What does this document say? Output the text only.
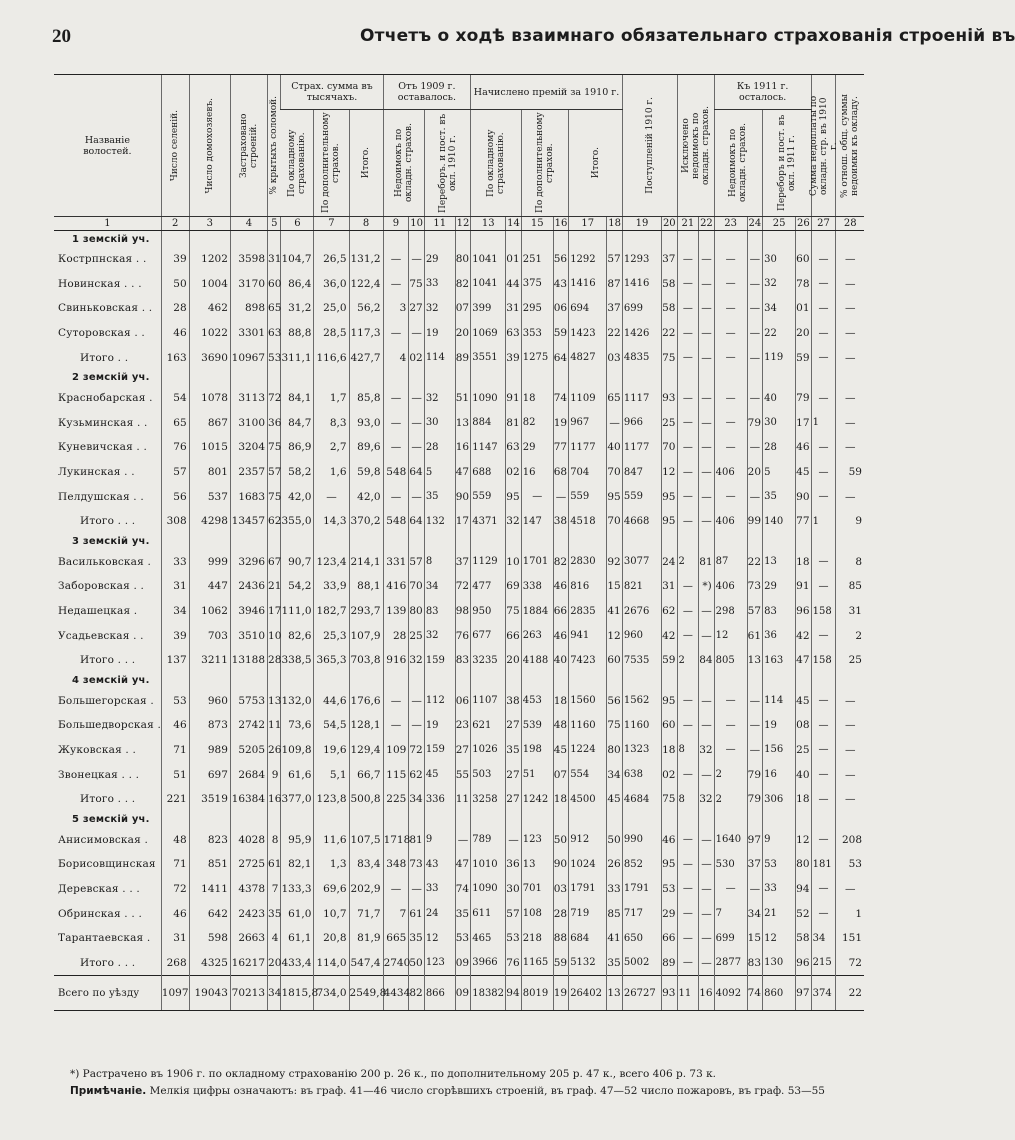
20	Отчетъ о ходѣ взаимнаго обязательнаго страхованія строеній въ
Названіе волостей.	Число селеній.	Число домохозяевъ.	Застраховано строеній.	% крытыхъ соломой.	Страх. сумма въ тысячахъ.			Отъ 1909 г. оставалось.				Начислено премій за 1910 г.						Поступленій 1910 г.		Исключено недоимокъ по окладн. страхов.		Къ 1911 г. осталось.				Сумма недоплаты по окладн. стр. въ 1910 г.	% отнош. общ. суммы недоимки къ окладу.

					По окладному страхованію.	По дополнительному страхов.	Итого.	Недоимокъ по окладн. страхов.		Переборъ. и пост. въ окл. 1910 г.		По окладному страхованію.		По дополнительному страхов.		Итого.						Недоимокъ по окладн. страхов.		Переборъ и пост. въ окл. 1911 г.			

1	2	3	4	5	6	7	8	9	10	11	12	13	14	15	16	17	18	19	20	21	22	23	24	25	26	27	28
1 земскій уч.																											
Кострпнская . .	39	1202	3598	31	104,7	26,5	131,2	—	—	29	80	1041	01	251	56	1292	57	1293	37	—	—	—	—	30	60	—	—
Новинская . . .	50	1004	3170	60	86,4	36,0	122,4	—	75	33	82	1041	44	375	43	1416	87	1416	58	—	—	—	—	32	78	—	—
Свиньковская . .	28	462	898	65	31,2	25,0	56,2	3	27	32	07	399	31	295	06	694	37	699	58	—	—	—	—	34	01	—	—
Суторовская . .	46	1022	3301	63	88,8	28,5	117,3	—	—	19	20	1069	63	353	59	1423	22	1426	22	—	—	—	—	22	20	—	—
Итого . .	163	3690	10967	53	311,1	116,6	427,7	4	02	114	89	3551	39	1275	64	4827	03	4835	75	—	—	—	—	119	59	—	—
2 земскій уч.																											
Краснобарская .	54	1078	3113	72	84,1	1,7	85,8	—	—	32	51	1090	91	18	74	1109	65	1117	93	—	—	—	—	40	79	—	—
Кузьминская . .	65	867	3100	36	84,7	8,3	93,0	—	—	30	13	884	81	82	19	967	—	966	25	—	—	—	79	30	17	1	—
Куневичская . .	76	1015	3204	75	86,9	2,7	89,6	—	—	28	16	1147	63	29	77	1177	40	1177	70	—	—	—	—	28	46	—	—
Лукинская . .	57	801	2357	57	58,2	1,6	59,8	548	64	5	47	688	02	16	68	704	70	847	12	—	—	406	20	5	45	—	59
Пелдушская . .	56	537	1683	75	42,0	—	42,0	—	—	35	90	559	95	—	—	559	95	559	95	—	—	—	—	35	90	—	—
Итого . . .	308	4298	13457	62	355,0	14,3	370,2	548	64	132	17	4371	32	147	38	4518	70	4668	95	—	—	406	99	140	77	1	9
3 земскій уч.																											
Васильковская .	33	999	3296	67	90,7	123,4	214,1	331	57	8	37	1129	10	1701	82	2830	92	3077	24	2	81	87	22	13	18	—	8
Заборовская . .	31	447	2436	21	54,2	33,9	88,1	416	70	34	72	477	69	338	46	816	15	821	31	—	*)	406	73	29	91	—	85
Недашецкая .	34	1062	3946	17	111,0	182,7	293,7	139	80	83	98	950	75	1884	66	2835	41	2676	62	—	—	298	57	83	96	158	31
Усадьевская . .	39	703	3510	10	82,6	25,3	107,9	28	25	32	76	677	66	263	46	941	12	960	42	—	—	12	61	36	42	—	2
Итого . . .	137	3211	13188	28	338,5	365,3	703,8	916	32	159	83	3235	20	4188	40	7423	60	7535	59	2	84	805	13	163	47	158	25
4 земскій уч.																											
Большегорская .	53	960	5753	13	132,0	44,6	176,6	—	—	112	06	1107	38	453	18	1560	56	1562	95	—	—	—	—	114	45	—	—
Большедворская .	46	873	2742	11	73,6	54,5	128,1	—	—	19	23	621	27	539	48	1160	75	1160	60	—	—	—	—	19	08	—	—
Жуковская . .	71	989	5205	26	109,8	19,6	129,4	109	72	159	27	1026	35	198	45	1224	80	1323	18	8	32	—	—	156	25	—	—
Звонецкая . . .	51	697	2684	9	61,6	5,1	66,7	115	62	45	55	503	27	51	07	554	34	638	02	—	—	2	79	16	40	—	—
Итого . . .	221	3519	16384	16	377,0	123,8	500,8	225	34	336	11	3258	27	1242	18	4500	45	4684	75	8	32	2	79	306	18	—	—
5 земскій уч.																											
Анисимовская .	48	823	4028	8	95,9	11,6	107,5	1718	81	9	—	789	—	123	50	912	50	990	46	—	—	1640	97	9	12	—	208
Борисовщинская	71	851	2725	61	82,1	1,3	83,4	348	73	43	47	1010	36	13	90	1024	26	852	95	—	—	530	37	53	80	181	53
Деревская . . .	72	1411	4378	7	133,3	69,6	202,9	—	—	33	74	1090	30	701	03	1791	33	1791	53	—	—	—	—	33	94	—	—
Обринская . . .	46	642	2423	35	61,0	10,7	71,7	7	61	24	35	611	57	108	28	719	85	717	29	—	—	7	34	21	52	—	1
Тарантаевская .	31	598	2663	4	61,1	20,8	81,9	665	35	12	53	465	53	218	88	684	41	650	66	—	—	699	15	12	58	34	151
Итого . . .	268	4325	16217	20	433,4	114,0	547,4	2740	50	123	09	3966	76	1165	59	5132	35	5002	89	—	—	2877	83	130	96	215	72
Всего по уѣзду	1097	19043	70213	34	1815,8	734,0	2549,8	4434	82	866	09	18382	94	8019	19	26402	13	26727	93	11	16	4092	74	860	97	374	22
*) Растрачено въ 1906 г. по окладному страхованію 200 р. 26 к., по дополнительному 205 р. 47 к., всего 406 р. 73 к.
Примѣчаніе. Мелкія цифры означаютъ: въ граф. 41—46 число сгорѣвшихъ строеній, въ граф. 47—52 число пожаровъ, въ граф. 53—55
